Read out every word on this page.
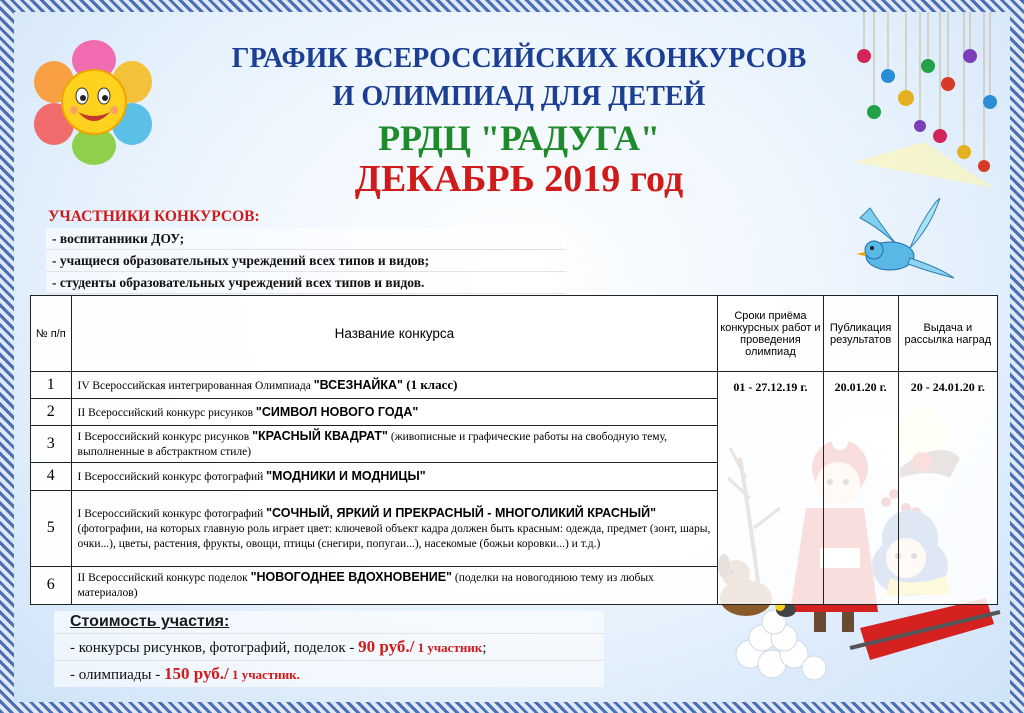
ГРАФИК ВСЕРОССИЙСКИХ КОНКУРСОВ
И ОЛИМПИАД ДЛЯ ДЕТЕЙ
РРДЦ "РАДУГА"
ДЕКАБРЬ 2019 год
УЧАСТНИКИ КОНКУРСОВ:
- воспитанники ДОУ;
- учащиеся образовательных учреждений всех типов и видов;
- студенты образовательных учреждений всех типов и видов.
№ п/п	Название конкурса	Сроки приёма конкурсных работ и проведения олимпиад	Публикация результатов	Выдача и рассылка наград
1	IV Всероссийская интегрированная Олимпиада "ВСЕЗНАЙКА" (1 класс)	01 - 27.12.19 г.	20.01.20 г.	20 - 24.01.20 г.
2	II Всероссийский конкурс рисунков "СИМВОЛ НОВОГО ГОДА"			
3	I Всероссийский конкурс рисунков "КРАСНЫЙ КВАДРАТ" (живописные и графические работы на свободную тему, выполненные в абстрактном стиле)			
4	I Всероссийский конкурс фотографий "МОДНИКИ И МОДНИЦЫ"			
5	I Всероссийский конкурс фотографий "СОЧНЫЙ, ЯРКИЙ И ПРЕКРАСНЫЙ - МНОГОЛИКИЙ КРАСНЫЙ" (фотографии, на которых главную роль играет цвет: ключевой объект кадра должен быть красным: одежда, предмет (зонт, шары, очки...), цветы, растения, фрукты, овощи, птицы (снегири, попугаи...), насекомые (божьи коровки...) и т.д.)			
6	II Всероссийский конкурс поделок "НОВОГОДНЕЕ ВДОХНОВЕНИЕ" (поделки на новогоднюю тему из любых материалов)			
Стоимость участия:
- конкурсы рисунков, фотографий, поделок - 90 руб./ 1 участник;
- олимпиады - 150 руб./ 1 участник.
